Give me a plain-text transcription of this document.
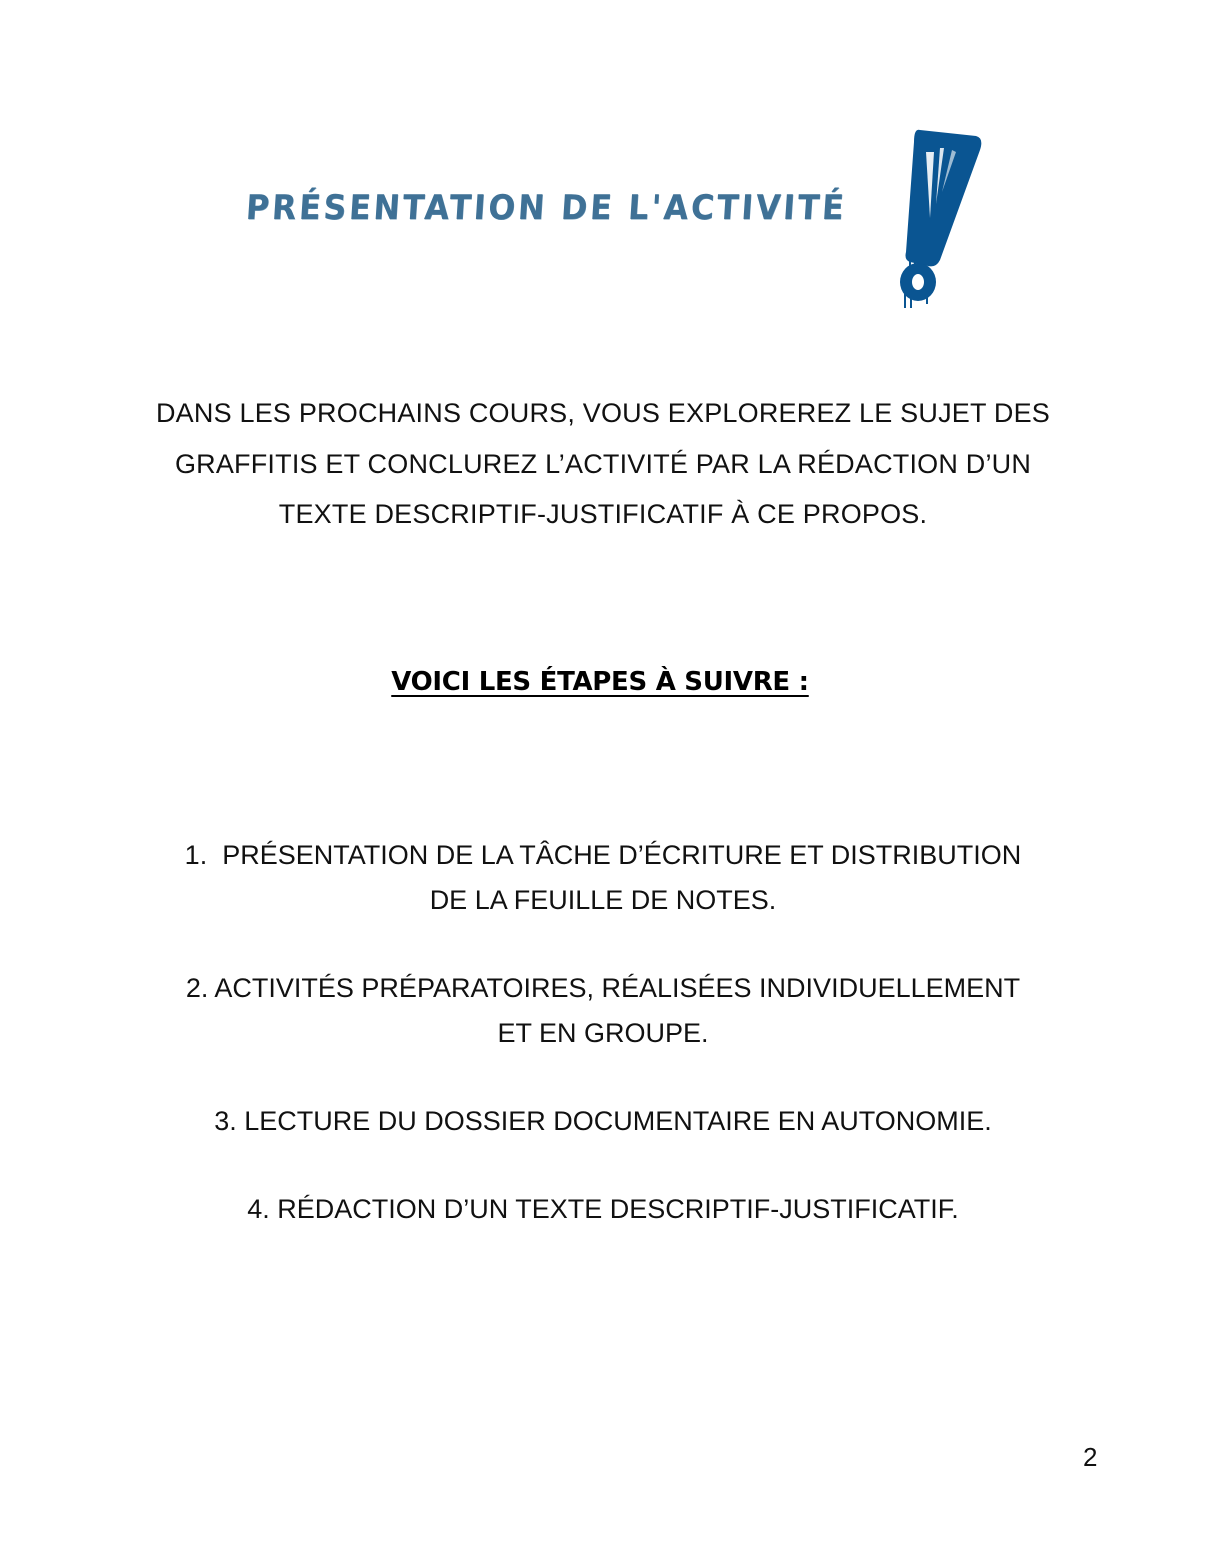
PRÉSENTATION DE L'ACTIVITÉ
DANS LES PROCHAINS COURS, VOUS EXPLOREREZ LE SUJET DES
GRAFFITIS ET CONCLUREZ L’ACTIVITÉ PAR LA RÉDACTION D’UN
TEXTE DESCRIPTIF-JUSTIFICATIF À CE PROPOS.
VOICI LES ÉTAPES À SUIVRE :
1.  PRÉSENTATION DE LA TÂCHE D’ÉCRITURE ET DISTRIBUTION
DE LA FEUILLE DE NOTES.
2. ACTIVITÉS PRÉPARATOIRES, RÉALISÉES INDIVIDUELLEMENT
ET EN GROUPE.
3. LECTURE DU DOSSIER DOCUMENTAIRE EN AUTONOMIE.
4. RÉDACTION D’UN TEXTE DESCRIPTIF-JUSTIFICATIF.
2
